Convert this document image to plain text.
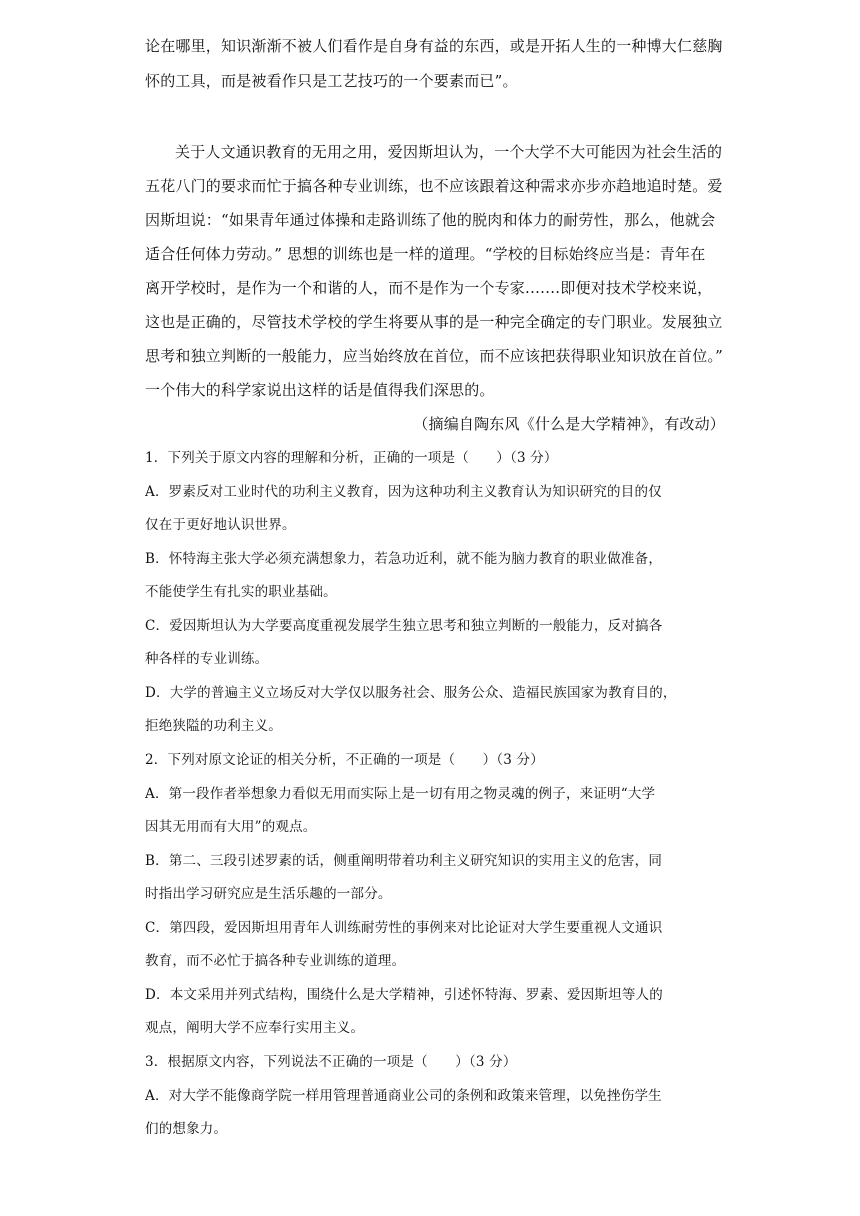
论在哪里，知识渐渐不被人们看作是自身有益的东西，或是开拓人生的一种博大仁慈胸
怀的工具，而是被看作只是工艺技巧的一个要素而已”。
关于人文通识教育的无用之用，爱因斯坦认为，一个大学不大可能因为社会生活的
五花八门的要求而忙于搞各种专业训练，也不应该跟着这种需求亦步亦趋地追时楚。爱
因斯坦说：“如果青年通过体操和走路训练了他的脱肉和体力的耐劳性，那么，他就会
适合任何体力劳动。” 思想的训练也是一样的道理。“学校的目标始终应当是：青年在
离开学校时，是作为一个和谐的人，而不是作为一个专家.……即便对技术学校来说，
这也是正确的，尽管技术学校的学生将要从事的是一种完全确定的专门职业。发展独立
思考和独立判断的一般能力，应当始终放在首位，而不应该把获得职业知识放在首位。”
一个伟大的科学家说出这样的话是值得我们深思的。
（摘编自陶东风《什么是大学精神》，有改动）
1．下列关于原文内容的理解和分析，正确的一项是（　　）（3 分）
A．罗素反对工业时代的功利主义教育，因为这种功利主义教育认为知识研究的目的仅
仅在于更好地认识世界。
B．怀特海主张大学必须充满想象力，若急功近利，就不能为脑力教育的职业做准备，
不能使学生有扎实的职业基础。
C．爱因斯坦认为大学要高度重视发展学生独立思考和独立判断的一般能力，反对搞各
种各样的专业训练。
D．大学的普遍主义立场反对大学仅以服务社会、服务公众、造福民族国家为教育目的，
拒绝狭隘的功利主义。
2．下列对原文论证的相关分析，不正确的一项是（　　）（3 分）
A．第一段作者举想象力看似无用而实际上是一切有用之物灵魂的例子，来证明“大学
因其无用而有大用”的观点。
B．第二、三段引述罗素的话，侧重阐明带着功利主义研究知识的实用主义的危害，同
时指出学习研究应是生活乐趣的一部分。
C．第四段，爱因斯坦用青年人训练耐劳性的事例来对比论证对大学生要重视人文通识
教育，而不必忙于搞各种专业训练的道理。
D．本文采用并列式结构，围绕什么是大学精神，引述怀特海、罗素、爱因斯坦等人的
观点，阐明大学不应奉行实用主义。
3．根据原文内容，下列说法不正确的一项是（　　）（3 分）
A．对大学不能像商学院一样用管理普通商业公司的条例和政策来管理，以免挫伤学生
们的想象力。
